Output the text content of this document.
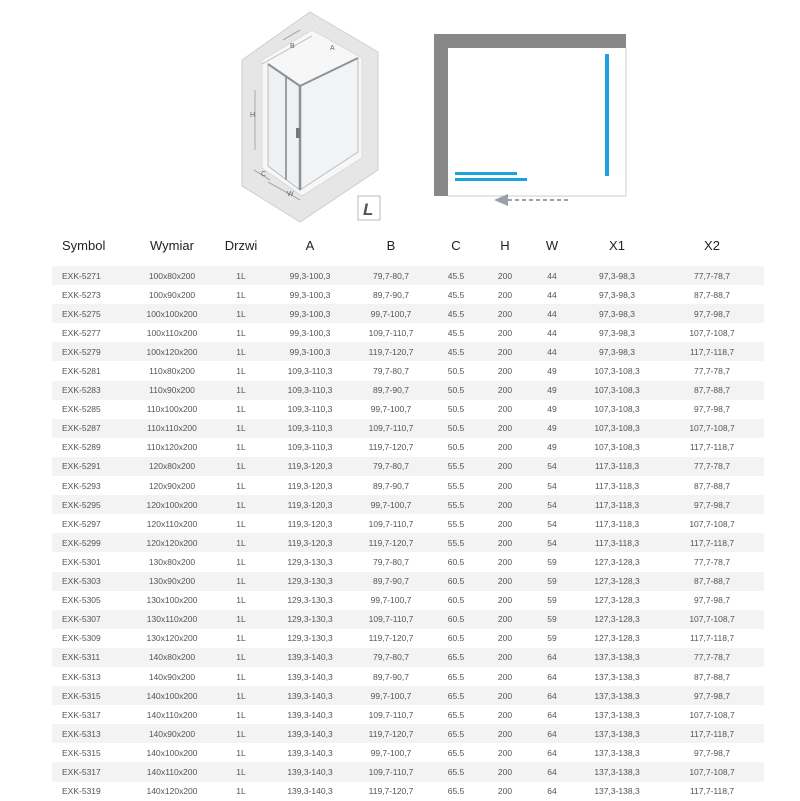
B	A
H
C
W
L
Symbol	Wymiar	Drzwi	A	B	C	H	W	X1	X2

EXK-5271	100x80x200	1L	99,3-100,3	79,7-80,7	45.5	200	44	97,3-98,3	77,7-78,7
EXK-5273	100x90x200	1L	99,3-100,3	89,7-90,7	45.5	200	44	97,3-98,3	87,7-88,7
EXK-5275	100x100x200	1L	99,3-100,3	99,7-100,7	45.5	200	44	97,3-98,3	97,7-98,7
EXK-5277	100x110x200	1L	99,3-100,3	109,7-110,7	45.5	200	44	97,3-98,3	107,7-108,7
EXK-5279	100x120x200	1L	99,3-100,3	119,7-120,7	45.5	200	44	97,3-98,3	117,7-118,7
EXK-5281	110x80x200	1L	109,3-110,3	79,7-80,7	50.5	200	49	107,3-108,3	77,7-78,7
EXK-5283	110x90x200	1L	109,3-110,3	89,7-90,7	50.5	200	49	107,3-108,3	87,7-88,7
EXK-5285	110x100x200	1L	109,3-110,3	99,7-100,7	50.5	200	49	107,3-108,3	97,7-98,7
EXK-5287	110x110x200	1L	109,3-110,3	109,7-110,7	50.5	200	49	107,3-108,3	107,7-108,7
EXK-5289	110x120x200	1L	109,3-110,3	119,7-120,7	50.5	200	49	107,3-108,3	117,7-118,7
EXK-5291	120x80x200	1L	119,3-120,3	79,7-80,7	55.5	200	54	117,3-118,3	77,7-78,7
EXK-5293	120x90x200	1L	119,3-120,3	89,7-90,7	55.5	200	54	117,3-118,3	87,7-88,7
EXK-5295	120x100x200	1L	119,3-120,3	99,7-100,7	55.5	200	54	117,3-118,3	97,7-98,7
EXK-5297	120x110x200	1L	119,3-120,3	109,7-110,7	55.5	200	54	117,3-118,3	107,7-108,7
EXK-5299	120x120x200	1L	119,3-120,3	119,7-120,7	55.5	200	54	117,3-118,3	117,7-118,7
EXK-5301	130x80x200	1L	129,3-130,3	79,7-80,7	60.5	200	59	127,3-128,3	77,7-78,7
EXK-5303	130x90x200	1L	129,3-130,3	89,7-90,7	60.5	200	59	127,3-128,3	87,7-88,7
EXK-5305	130x100x200	1L	129,3-130,3	99,7-100,7	60.5	200	59	127,3-128,3	97,7-98,7
EXK-5307	130x110x200	1L	129,3-130,3	109,7-110,7	60.5	200	59	127,3-128,3	107,7-108,7
EXK-5309	130x120x200	1L	129,3-130,3	119,7-120,7	60.5	200	59	127,3-128,3	117,7-118,7
EXK-5311	140x80x200	1L	139,3-140,3	79,7-80,7	65.5	200	64	137,3-138,3	77,7-78,7
EXK-5313	140x90x200	1L	139,3-140,3	89,7-90,7	65.5	200	64	137,3-138,3	87,7-88,7
EXK-5315	140x100x200	1L	139,3-140,3	99,7-100,7	65.5	200	64	137,3-138,3	97,7-98,7
EXK-5317	140x110x200	1L	139,3-140,3	109,7-110,7	65.5	200	64	137,3-138,3	107,7-108,7
EXK-5313	140x90x200	1L	139,3-140,3	119,7-120,7	65.5	200	64	137,3-138,3	117,7-118,7
EXK-5315	140x100x200	1L	139,3-140,3	99,7-100,7	65.5	200	64	137,3-138,3	97,7-98,7
EXK-5317	140x110x200	1L	139,3-140,3	109,7-110,7	65.5	200	64	137,3-138,3	107,7-108,7
EXK-5319	140x120x200	1L	139,3-140,3	119,7-120,7	65.5	200	64	137,3-138,3	117,7-118,7
